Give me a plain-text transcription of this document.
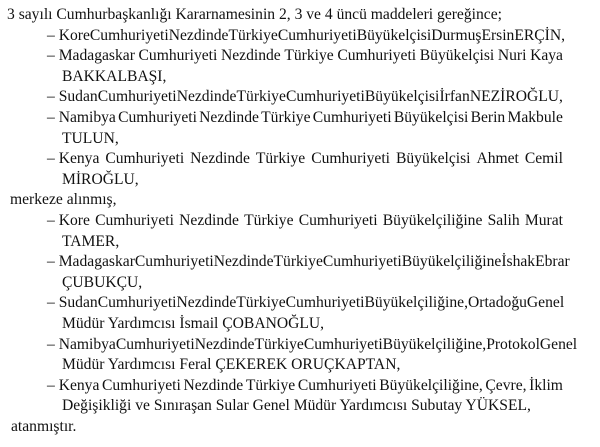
3 sayılı Cumhurbaşkanlığı Kararnamesinin 2, 3 ve 4 üncü maddeleri gereğince;
– Kore Cumhuriyeti Nezdinde Türkiye Cumhuriyeti Büyükelçisi Durmuş Ersin ERÇİN,
– Madagaskar Cumhuriyeti Nezdinde Türkiye Cumhuriyeti Büyükelçisi Nuri Kaya
BAKKALBAŞI,
– Sudan Cumhuriyeti Nezdinde Türkiye Cumhuriyeti Büyükelçisi İrfan NEZİROĞLU,
– Namibya Cumhuriyeti Nezdinde Türkiye Cumhuriyeti Büyükelçisi Berin Makbule
TULUN,
– Kenya Cumhuriyeti Nezdinde Türkiye Cumhuriyeti Büyükelçisi Ahmet Cemil
MİROĞLU,
merkeze alınmış,
– Kore Cumhuriyeti Nezdinde Türkiye Cumhuriyeti Büyükelçiliğine Salih Murat
TAMER,
– Madagaskar Cumhuriyeti Nezdinde Türkiye Cumhuriyeti Büyükelçiliğine İshak Ebrar
ÇUBUKÇU,
– Sudan Cumhuriyeti Nezdinde Türkiye Cumhuriyeti Büyükelçiliğine, Ortadoğu Genel
Müdür Yardımcısı İsmail ÇOBANOĞLU,
– Namibya Cumhuriyeti Nezdinde Türkiye Cumhuriyeti Büyükelçiliğine, Protokol Genel
Müdür Yardımcısı Feral ÇEKEREK ORUÇKAPTAN,
– Kenya Cumhuriyeti Nezdinde Türkiye Cumhuriyeti Büyükelçiliğine, Çevre, İklim
Değişikliği ve Sınıraşan Sular Genel Müdür Yardımcısı Subutay YÜKSEL,
atanmıştır.
